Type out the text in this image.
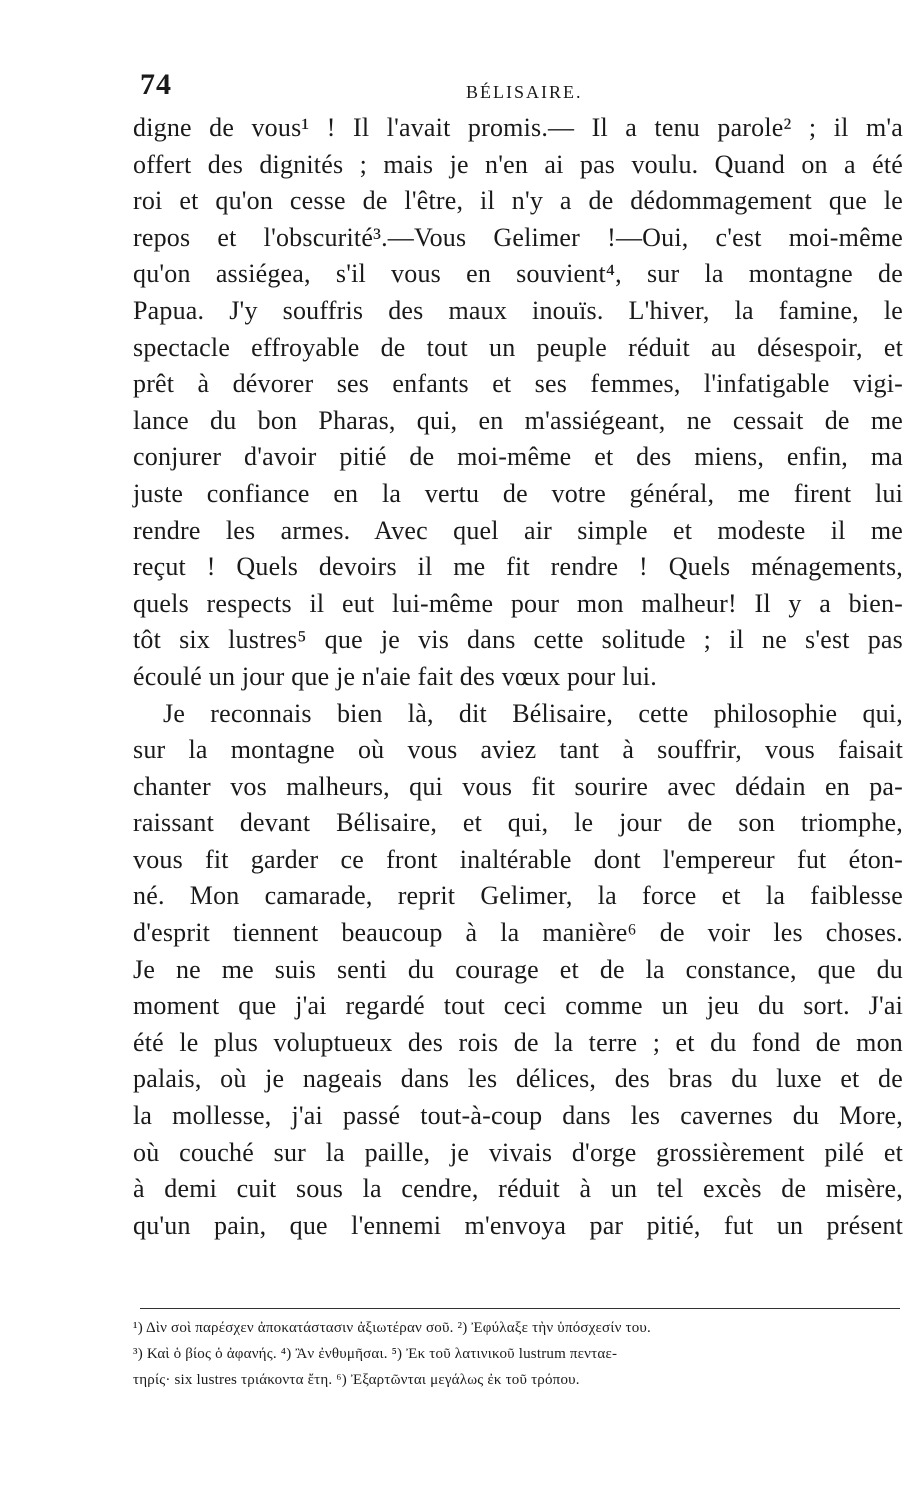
74	BÉLISAIRE.
digne de vous¹ ! Il l'avait promis.— Il a tenu parole² ; il m'a
offert des dignités ; mais je n'en ai pas voulu. Quand on a été
roi et qu'on cesse de l'être, il n'y a de dédommagement que le
repos et l'obscurité³.—Vous Gelimer !—Oui, c'est moi-même
qu'on assiégea, s'il vous en souvient⁴, sur la montagne de
Papua. J'y souffris des maux inouïs. L'hiver, la famine, le
spectacle effroyable de tout un peuple réduit au désespoir, et
prêt à dévorer ses enfants et ses femmes, l'infatigable vigi-
lance du bon Pharas, qui, en m'assiégeant, ne cessait de me
conjurer d'avoir pitié de moi-même et des miens, enfin, ma
juste confiance en la vertu de votre général, me firent lui
rendre les armes. Avec quel air simple et modeste il me
reçut ! Quels devoirs il me fit rendre ! Quels ménagements,
quels respects il eut lui-même pour mon malheur! Il y a bien-
tôt six lustres⁵ que je vis dans cette solitude ; il ne s'est pas
écoulé un jour que je n'aie fait des vœux pour lui.
Je reconnais bien là, dit Bélisaire, cette philosophie qui,
sur la montagne où vous aviez tant à souffrir, vous faisait
chanter vos malheurs, qui vous fit sourire avec dédain en pa-
raissant devant Bélisaire, et qui, le jour de son triomphe,
vous fit garder ce front inaltérable dont l'empereur fut éton-
né. Mon camarade, reprit Gelimer, la force et la faiblesse
d'esprit tiennent beaucoup à la manière⁶ de voir les choses.
Je ne me suis senti du courage et de la constance, que du
moment que j'ai regardé tout ceci comme un jeu du sort. J'ai
été le plus voluptueux des rois de la terre ; et du fond de mon
palais, où je nageais dans les délices, des bras du luxe et de
la mollesse, j'ai passé tout-à-coup dans les cavernes du More,
où couché sur la paille, je vivais d'orge grossièrement pilé et
à demi cuit sous la cendre, réduit à un tel excès de misère,
qu'un pain, que l'ennemi m'envoya par pitié, fut un présent
¹) Δὶν σοὶ παρέσχεν ἀποκατάστασιν ἀξιωτέραν σοῦ. ²) Ἐφύλαξε τὴν ὑπόσχεσίν του.
³) Καὶ ὁ βίος ὁ ἀφανής. ⁴) Ἂν ἐνθυμῆσαι. ⁵) Ἐκ τοῦ λατινικοῦ lustrum πενταε-
τηρίς· six lustres τριάκοντα ἔτη. ⁶) Ἐξαρτῶνται μεγάλως ἐκ τοῦ τρόπου.
